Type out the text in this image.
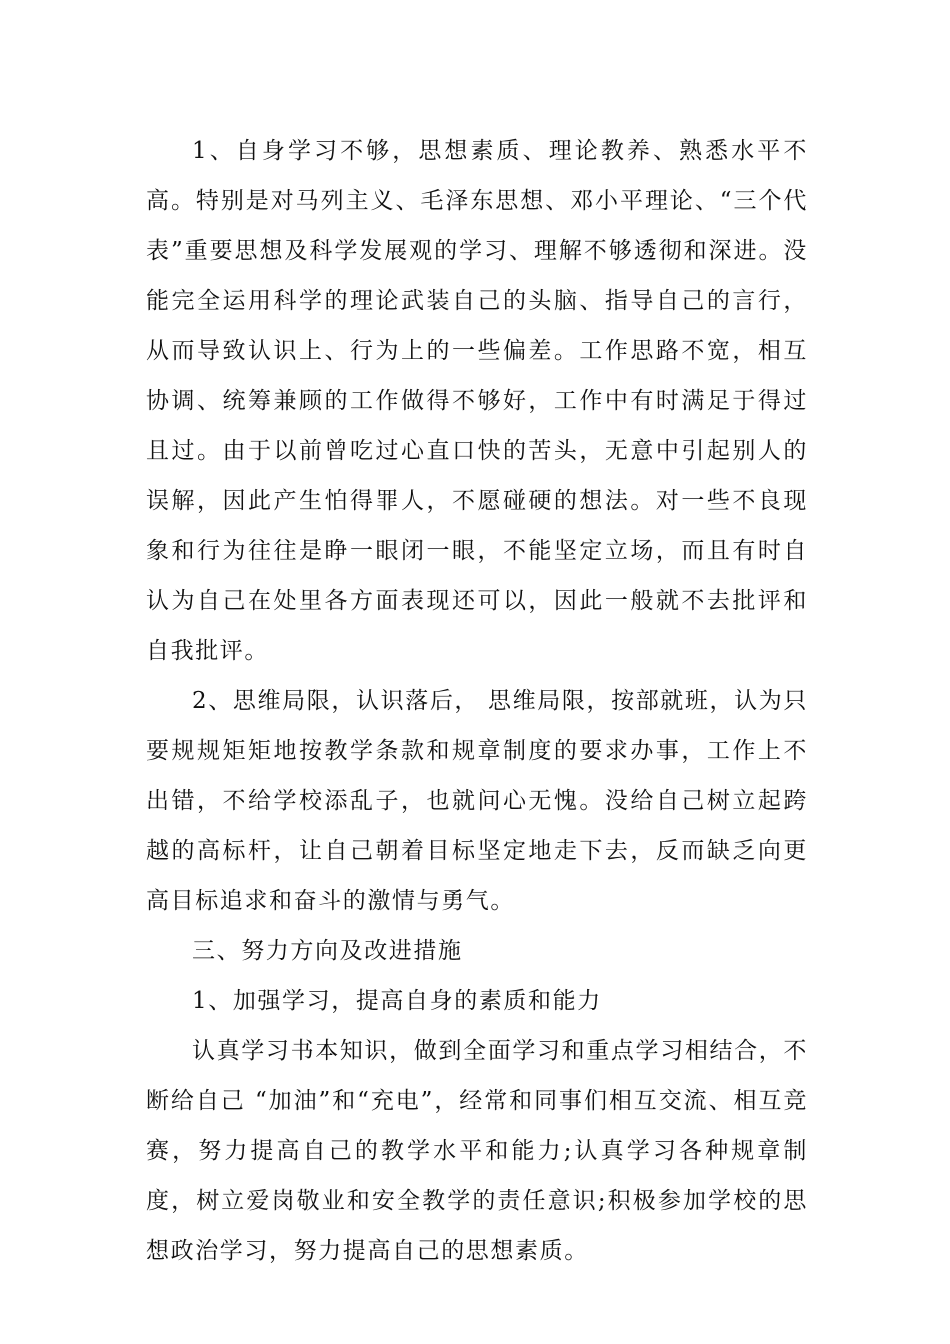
1、自身学习不够，思想素质、理论教养、熟悉水平不高。特别是对马列主义、毛泽东思想、邓小平理论、“三个代表”重要思想及科学发展观的学习、理解不够透彻和深进。没能完全运用科学的理论武装自己的头脑、指导自己的言行，从而导致认识上、行为上的一些偏差。工作思路不宽，相互协调、统筹兼顾的工作做得不够好，工作中有时满足于得过且过。由于以前曾吃过心直口快的苦头，无意中引起别人的误解，因此产生怕得罪人，不愿碰硬的想法。对一些不良现象和行为往往是睁一眼闭一眼，不能坚定立场，而且有时自认为自己在处里各方面表现还可以，因此一般就不去批评和自我批评。

2、思维局限，认识落后， 思维局限，按部就班，认为只要规规矩矩地按教学条款和规章制度的要求办事，工作上不出错，不给学校添乱子，也就问心无愧。没给自己树立起跨越的高标杆，让自己朝着目标坚定地走下去，反而缺乏向更高目标追求和奋斗的激情与勇气。

三、努力方向及改进措施

1、加强学习，提高自身的素质和能力

认真学习书本知识，做到全面学习和重点学习相结合，不断给自己 “加油”和“充电”，经常和同事们相互交流、相互竞赛，努力提高自己的教学水平和能力;认真学习各种规章制度，树立爱岗敬业和安全教学的责任意识;积极参加学校的思想政治学习，努力提高自己的思想素质。
